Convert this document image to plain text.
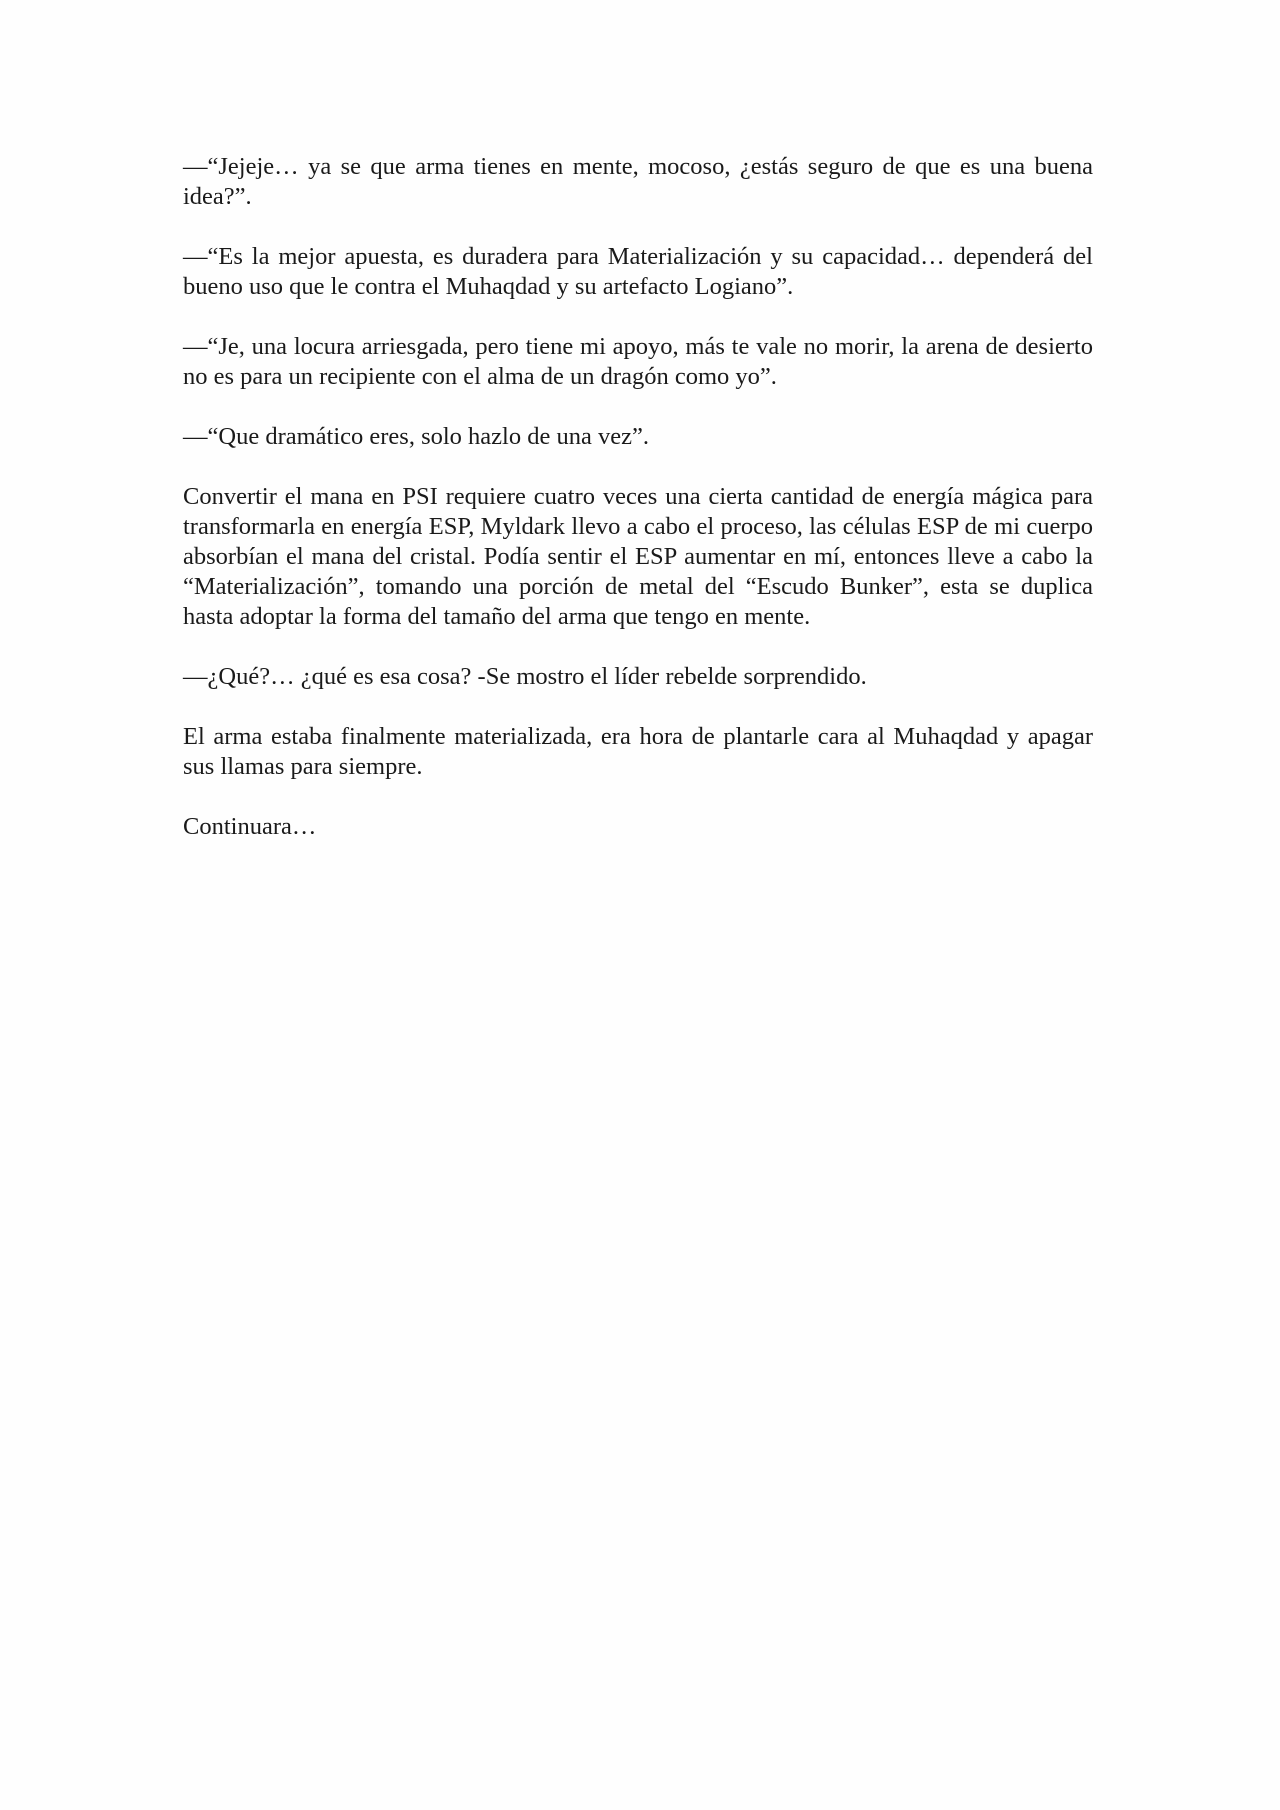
—“Jejeje… ya se que arma tienes en mente, mocoso, ¿estás seguro de que es una buena idea?”.

—“Es la mejor apuesta, es duradera para Materialización y su capacidad… dependerá del bueno uso que le contra el Muhaqdad y su artefacto Logiano”.

—“Je, una locura arriesgada, pero tiene mi apoyo, más te vale no morir, la arena de desierto no es para un recipiente con el alma de un dragón como yo”.

—“Que dramático eres, solo hazlo de una vez”.

Convertir el mana en PSI requiere cuatro veces una cierta cantidad de energía mágica para transformarla en energía ESP, Myldark llevo a cabo el proceso, las células ESP de mi cuerpo absorbían el mana del cristal. Podía sentir el ESP aumentar en mí, entonces lleve a cabo la “Materialización”, tomando una porción de metal del “Escudo Bunker”, esta se duplica hasta adoptar la forma del tamaño del arma que tengo en mente.

—¿Qué?… ¿qué es esa cosa? -Se mostro el líder rebelde sorprendido.

El arma estaba finalmente materializada, era hora de plantarle cara al Muhaqdad y apagar sus llamas para siempre.

Continuara…
